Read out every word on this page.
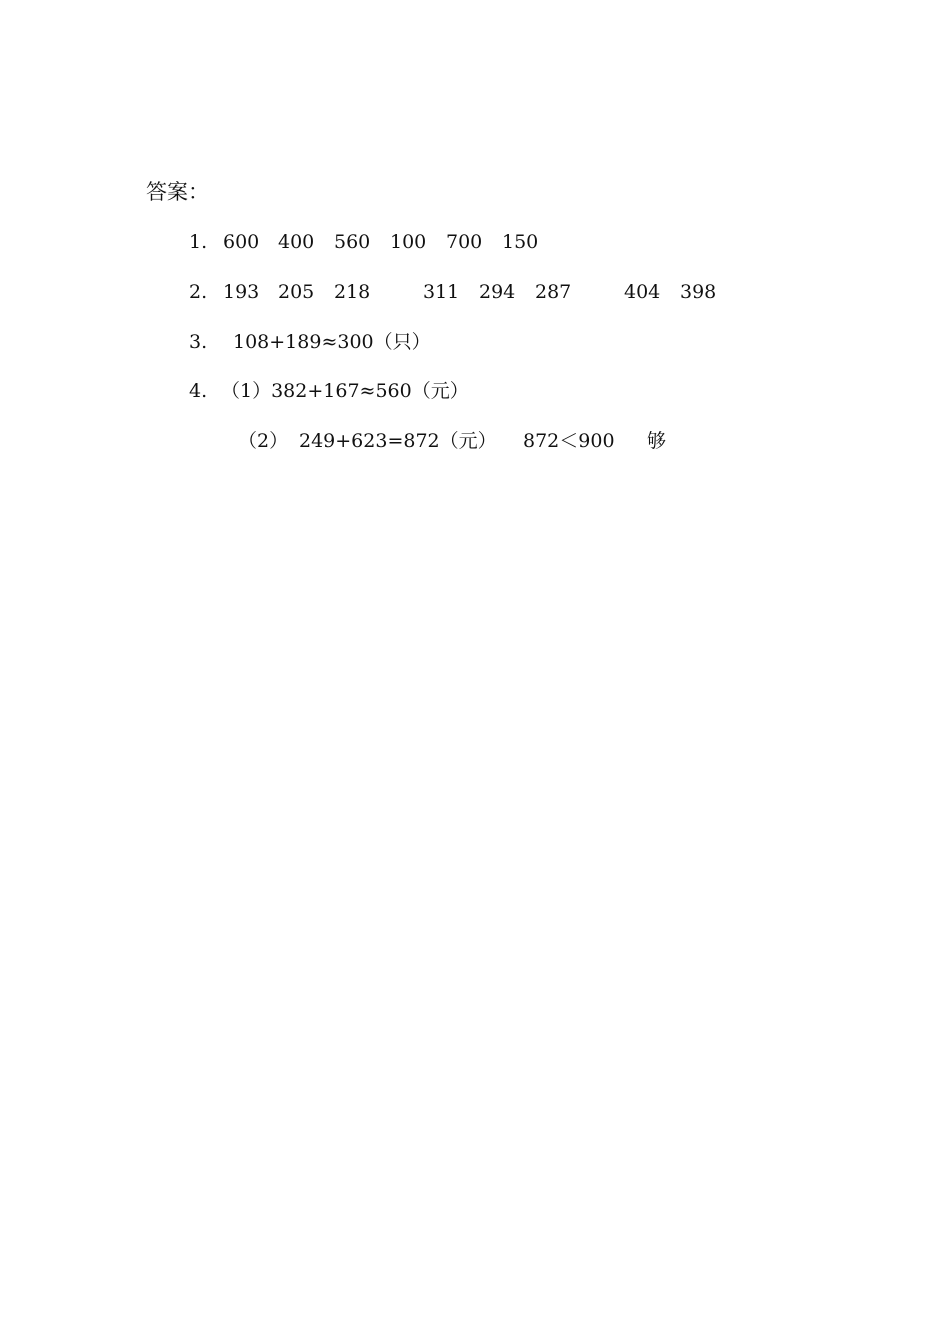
答案：
1. 600 400 560 100 700 150
2. 193 205 218	311 294 287	404 398
3. 108+189≈300（只）
4. （1）382+167≈560（元）
（2） 249+623=872（元） 872＜900 够
